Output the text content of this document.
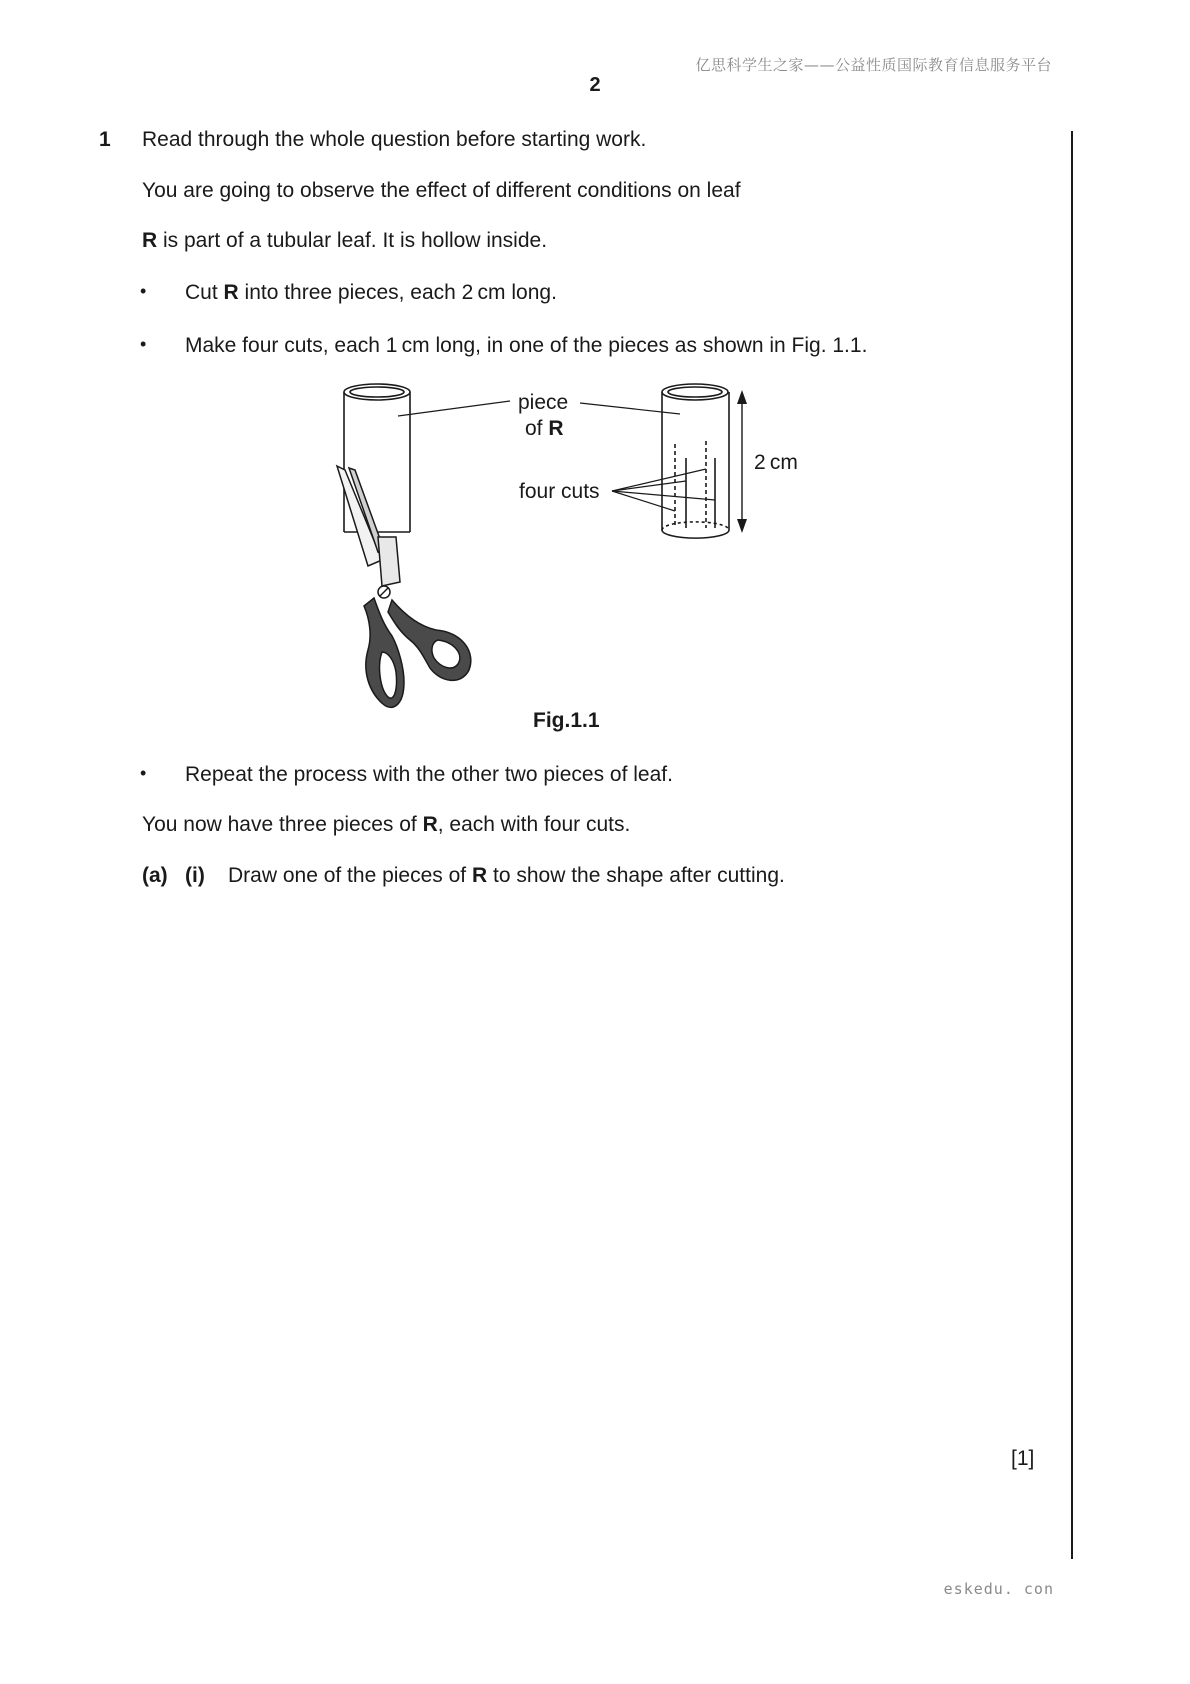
亿思科学生之家——公益性质国际教育信息服务平台
2
1 Read through the whole question before starting work.
You are going to observe the effect of different conditions on leaf
R is part of a tubular leaf. It is hollow inside.
• Cut R into three pieces, each 2 cm long.
• Make four cuts, each 1 cm long, in one of the pieces as shown in Fig. 1.1.
piece
of R
four cuts
2 cm
Fig.1.1
• Repeat the process with the other two pieces of leaf.
You now have three pieces of R, each with four cuts.
(a) (i) Draw one of the pieces of R to show the shape after cutting.
[1]
eskedu. con
